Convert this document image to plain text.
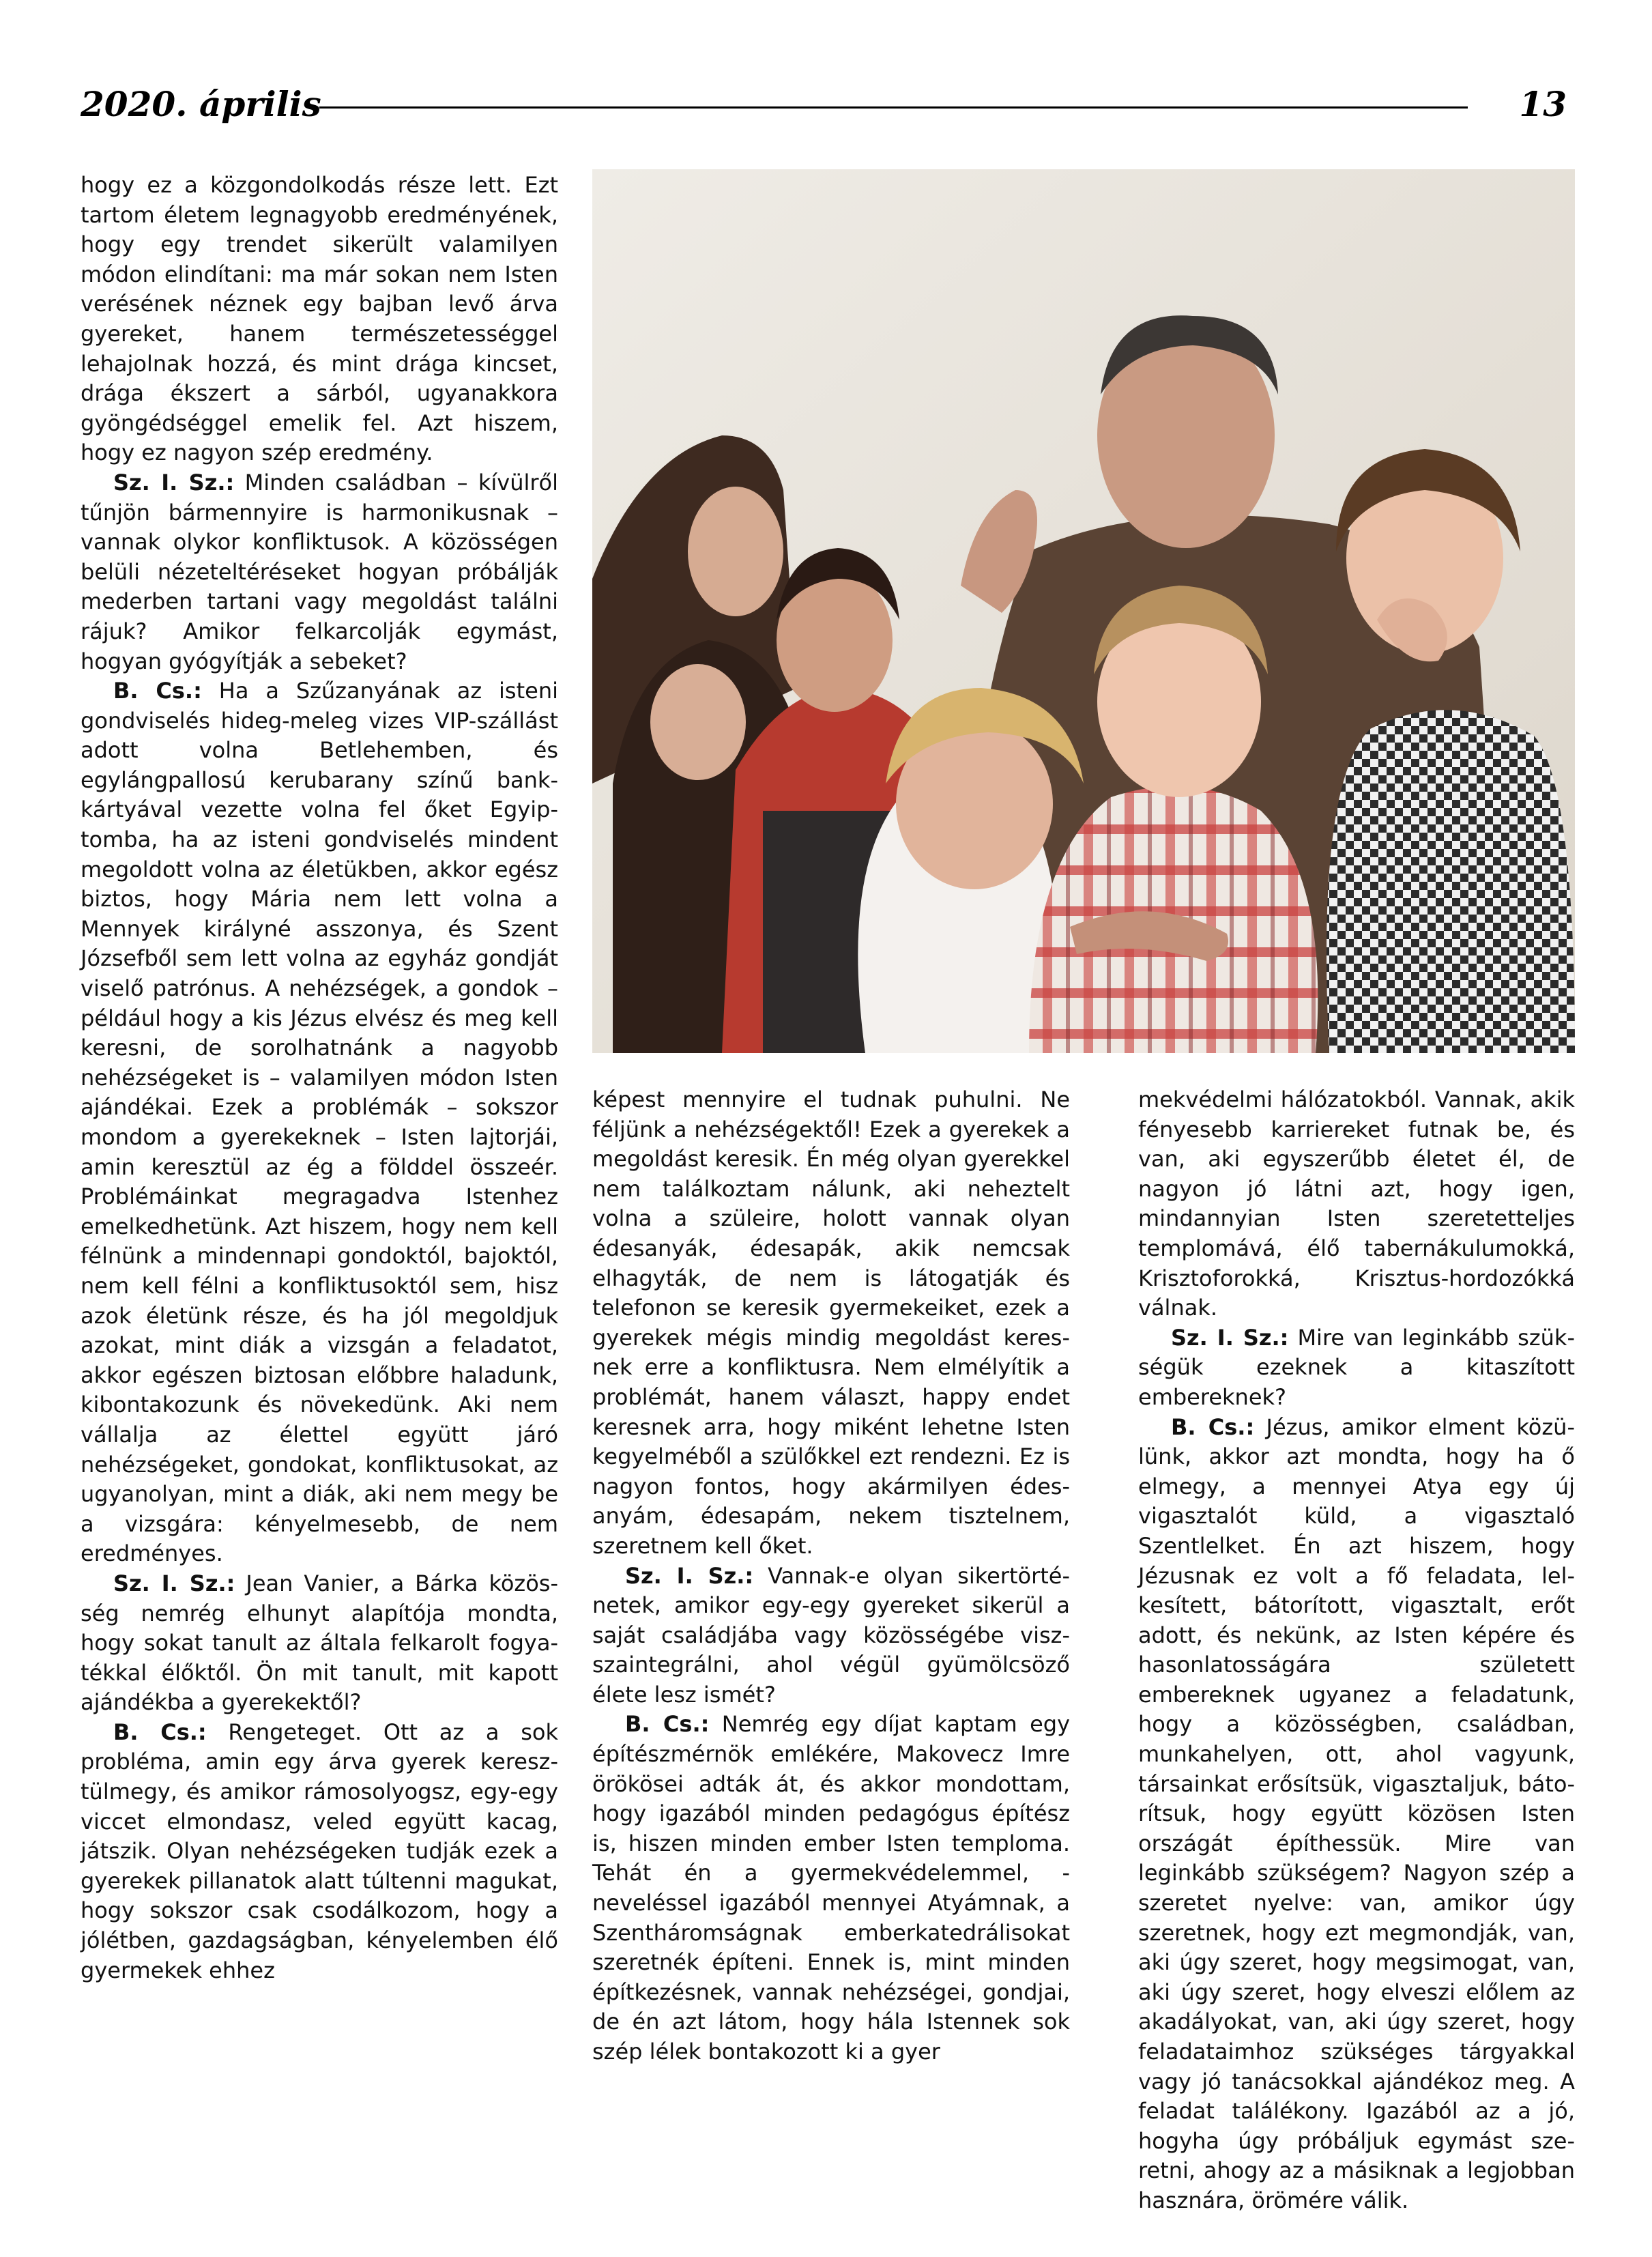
2020. április	13

hogy ez a közgondolkodás része lett. Ezt tartom életem legnagyobb eredményének, hogy egy trendet sikerült valamilyen módon elindítani: ma már sokan nem Isten verésének néznek egy bajban levő árva gyereket, hanem természetességgel lehajolnak hozzá, és mint drága kincset, drága ékszert a sárból, ugyanakkora gyöngédséggel emelik fel. Azt hiszem, hogy ez nagyon szép eredmény.

Sz. I. Sz.: Minden családban – kívülről tűnjön bármennyire is harmonikusnak – vannak olykor konfliktusok. A közösségen belüli nézeteltéréseket hogyan próbálják mederben tartani vagy megoldást találni rájuk? Amikor felkarcolják egymást, hogyan gyógyítják a sebeket?

B. Cs.: Ha a Szűzanyának az isteni gondviselés hideg-meleg vizes VIP-szállást adott volna Betlehemben, és egylángpallosú kerubarany színű bankkártyával vezette volna fel őket Egyiptomba, ha az isteni gondviselés mindent megoldott volna az életükben, akkor egész biztos, hogy Mária nem lett volna a Mennyek királyné asszonya, és Szent Józsefből sem lett volna az egyház gondját viselő patrónus. A nehézségek, a gondok – például hogy a kis Jézus elvész és meg kell keresni, de sorolhatnánk a nagyobb nehézségeket is – valamilyen módon Isten ajándékai. Ezek a problémák – sokszor mondom a gyerekeknek – Isten lajtorjái, amin keresztül az ég a földdel összeér. Problémáinkat megragadva Istenhez emelkedhetünk. Azt hiszem, hogy nem kell félnünk a mindennapi gondoktól, bajoktól, nem kell félni a konfliktusoktól sem, hisz azok életünk része, és ha jól megoldjuk azokat, mint diák a vizsgán a feladatot, akkor egészen biztosan előbbre haladunk, kibontakozunk és növekedünk. Aki nem vállalja az élettel együtt járó nehézségeket, gondokat, konfliktusokat, az ugyanolyan, mint a diák, aki nem megy be a vizsgára: kényelmesebb, de nem eredményes.

Sz. I. Sz.: Jean Vanier, a Bárka közösség nemrég elhunyt alapítója mondta, hogy sokat tanult az általa felkarolt fogyatékkal élőktől. Ön mit tanult, mit kapott ajándékba a gyerekektől?

B. Cs.: Rengeteget. Ott az a sok probléma, amin egy árva gyerek keresztülmegy, és amikor rámosolyogsz, egy-egy viccet elmondasz, veled együtt kacag, játszik. Olyan nehézségeken tudják ezek a gyerekek pillanatok alatt túltenni magukat, hogy sokszor csak csodálkozom, hogy a jólétben, gazdagságban, kényelemben élő gyermekek ehhez

képest mennyire el tudnak puhulni. Ne féljünk a nehézségektől! Ezek a gyerekek a megoldást keresik. Én még olyan gyerekkel nem találkoztam nálunk, aki neheztelt volna a szüleire, holott vannak olyan édesanyák, édesapák, akik nemcsak elhagyták, de nem is látogatják és telefonon se keresik gyermekeiket, ezek a gyerekek mégis mindig megoldást keresnek erre a konfliktusra. Nem elmélyítik a problémát, hanem választ, happy endet keresnek arra, hogy miként lehetne Isten kegyelméből a szülőkkel ezt rendezni. Ez is nagyon fontos, hogy akármilyen édesanyám, édesapám, nekem tisztelnem, szeretnem kell őket.

Sz. I. Sz.: Vannak-e olyan sikertörténetek, amikor egy-egy gyereket sikerül a saját családjába vagy közösségébe viszszaintegrálni, ahol végül gyümölcsöző élete lesz ismét?

B. Cs.: Nemrég egy díjat kaptam egy építészmérnök emlékére, Makovecz Imre örökösei adták át, és akkor mondottam, hogy igazából minden pedagógus építész is, hiszen minden ember Isten temploma. Tehát én a gyermekvédelemmel, -neveléssel igazából mennyei Atyámnak, a Szentháromságnak emberkatedrálisоkat szeretnék építeni. Ennek is, mint minden építkezésnek, vannak nehézségei, gondjai, de én azt látom, hogy hála Istennek sok szép lélek bontakozott ki a gyer

mekvédelmi hálózatokból. Vannak, akik fényesebb karriereket futnak be, és van, aki egyszerűbb életet él, de nagyon jó látni azt, hogy igen, mindannyian Isten szeretetteljes templomává, élő tabernákulumokká, Krisztoforokká, Krisztus-hordozókká válnak.

Sz. I. Sz.: Mire van leginkább szükségük ezeknek a kitaszított embereknek?

B. Cs.: Jézus, amikor elment közülünk, akkor azt mondta, hogy ha ő elmegy, a mennyei Atya egy új vigasztalót küld, a vigasztaló Szentlelket. Én azt hiszem, hogy Jézusnak ez volt a fő feladata, lelkesített, bátorított, vigasztalt, erőt adott, és nekünk, az Isten képére és hasonlatosságára született embereknek ugyanez a feladatunk, hogy a közösségben, családban, munkahelyen, ott, ahol vagyunk, társainkat erősítsük, vigasztaljuk, bátorítsuk, hogy együtt közösen Isten országát építhessük. Mire van leginkább szükségem? Nagyon szép a szeretet nyelve: van, amikor úgy szeretnek, hogy ezt megmondják, van, aki úgy szeret, hogy megsimogat, van, aki úgy szeret, hogy elveszi előlem az akadályokat, van, aki úgy szeret, hogy feladataimhoz szükséges tárgyakkal vagy jó tanácsokkal ajándékoz meg. A feladat találékony. Igazából az a jó, hogyha úgy próbáljuk egymást szeretni, ahogy az a másiknak a legjobban hasznára, örömére válik.
